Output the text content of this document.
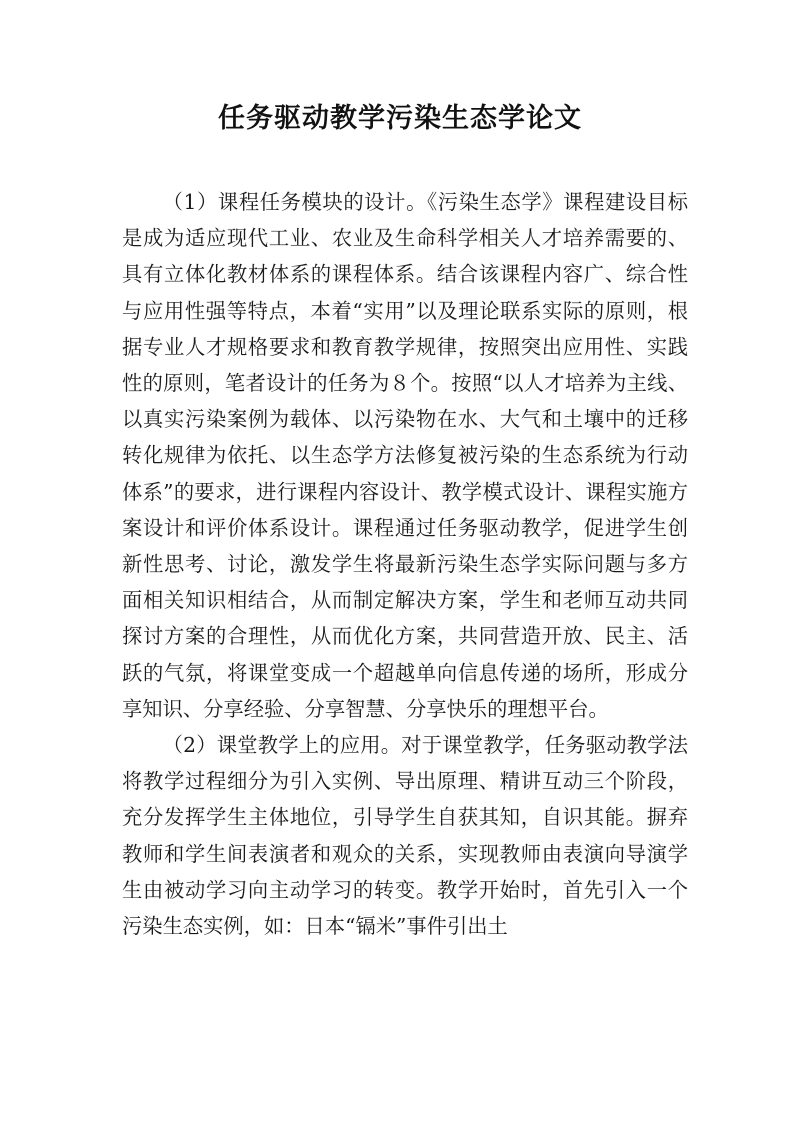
任务驱动教学污染生态学论文

（1）课程任务模块的设计。《污染生态学》课程建设目标是成为适应现代工业、农业及生命科学相关人才培养需要的、具有立体化教材体系的课程体系。结合该课程内容广、综合性与应用性强等特点，本着“实用”以及理论联系实际的原则，根据专业人才规格要求和教育教学规律，按照突出应用性、实践性的原则，笔者设计的任务为８个。按照“以人才培养为主线、以真实污染案例为载体、以污染物在水、大气和土壤中的迁移转化规律为依托、以生态学方法修复被污染的生态系统为行动体系”的要求，进行课程内容设计、教学模式设计、课程实施方案设计和评价体系设计。课程通过任务驱动教学，促进学生创新性思考、讨论，激发学生将最新污染生态学实际问题与多方面相关知识相结合，从而制定解决方案，学生和老师互动共同探讨方案的合理性，从而优化方案，共同营造开放、民主、活跃的气氛，将课堂变成一个超越单向信息传递的场所，形成分享知识、分享经验、分享智慧、分享快乐的理想平台。

（2）课堂教学上的应用。对于课堂教学，任务驱动教学法将教学过程细分为引入实例、导出原理、精讲互动三个阶段，充分发挥学生主体地位，引导学生自获其知，自识其能。摒弃教师和学生间表演者和观众的关系，实现教师由表演向导演学生由被动学习向主动学习的转变。教学开始时，首先引入一个污染生态实例，如：日本“镉米”事件引出土
